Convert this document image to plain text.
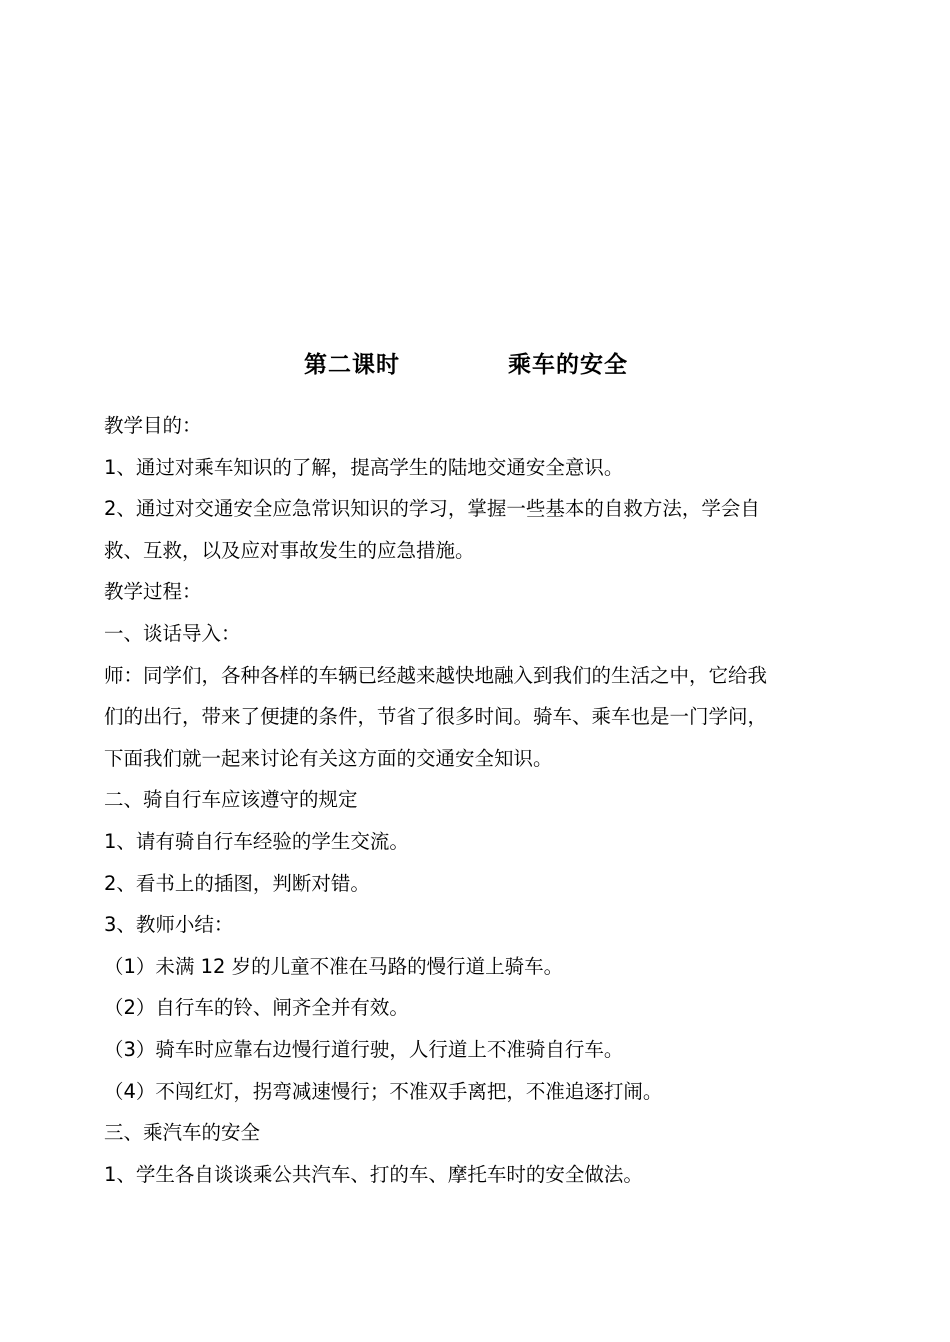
第二课时	乘车的安全
教学目的：
1、通过对乘车知识的了解，提高学生的陆地交通安全意识。
2、通过对交通安全应急常识知识的学习，掌握一些基本的自救方法，学会自
救、互救，以及应对事故发生的应急措施。
教学过程：
一、谈话导入：
师：同学们，各种各样的车辆已经越来越快地融入到我们的生活之中，它给我
们的出行，带来了便捷的条件，节省了很多时间。骑车、乘车也是一门学问，
下面我们就一起来讨论有关这方面的交通安全知识。
二、骑自行车应该遵守的规定
1、请有骑自行车经验的学生交流。
2、看书上的插图，判断对错。
3、教师小结：
（1）未满 12 岁的儿童不准在马路的慢行道上骑车。
（2）自行车的铃、闸齐全并有效。
（3）骑车时应靠右边慢行道行驶，人行道上不准骑自行车。
（4）不闯红灯，拐弯减速慢行；不准双手离把，不准追逐打闹。
三、乘汽车的安全
1、学生各自谈谈乘公共汽车、打的车、摩托车时的安全做法。
